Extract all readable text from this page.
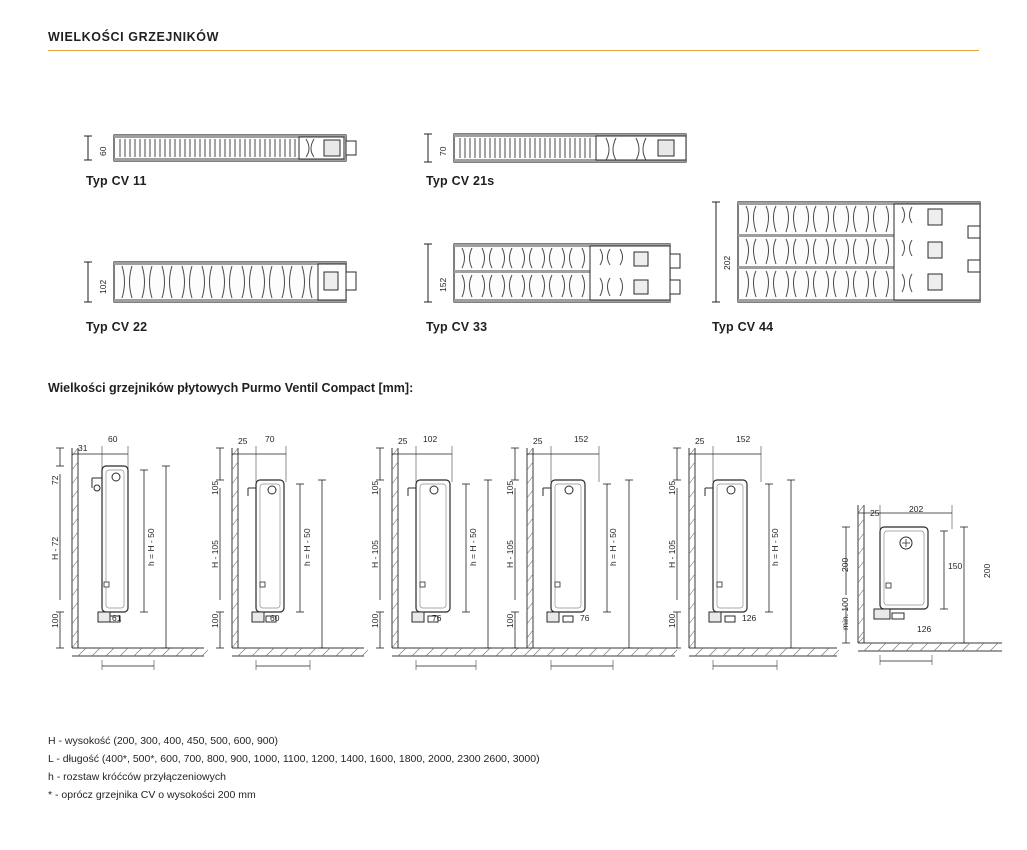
WIELKOŚCI GRZEJNIKÓW
60
Typ CV 11
70
Typ CV 21s
102
Typ CV 22
152
Typ CV 33
202
Typ CV 44
Wielkości grzejników płytowych Purmo Ventil Compact [mm]:
31
60
72
H - 72
100
h = H - 50
61
25 70
105
H - 105
100
h = H - 50
60
25 102
105
H - 105
100
h = H - 50
76
25	152
105
H - 105
100
h = H - 50
76
25	152
105
H - 105
100
h = H - 50
126
25	202
200
min. 100
150 200
126
H - wysokość (200, 300, 400, 450, 500, 600, 900)
L - długość (400*, 500*, 600, 700, 800, 900, 1000, 1100, 1200, 1400, 1600, 1800, 2000, 2300 2600, 3000)
h - rozstaw króćców przyłączeniowych
* - oprócz grzejnika CV o wysokości 200 mm
